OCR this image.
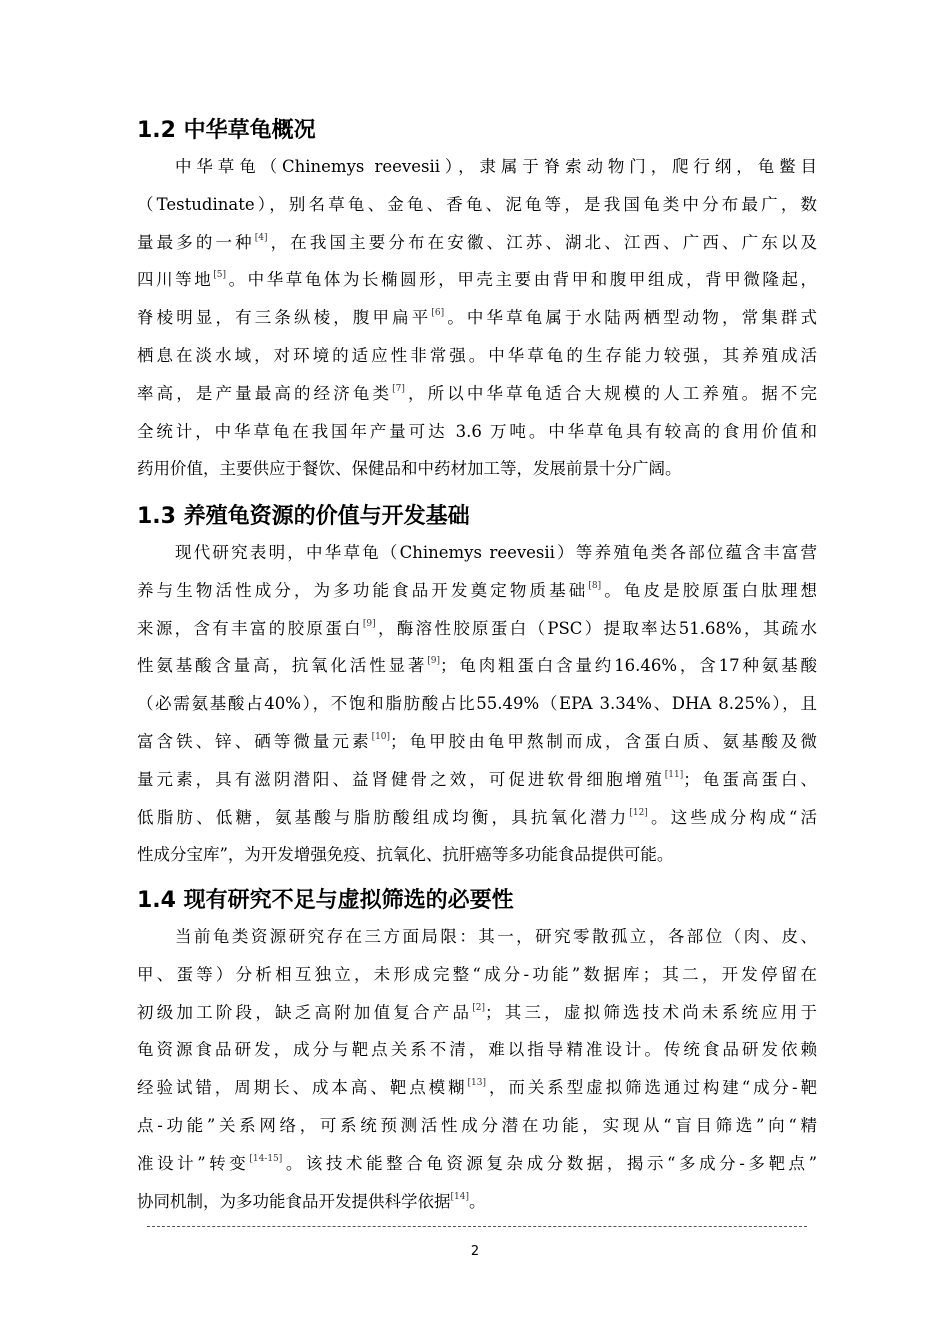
1.2 中华草龟概况
中华草龟（Chinemys reevesii），隶属于脊索动物门，爬行纲，龟鳖目
（Testudinate），别名草龟、金龟、香龟、泥龟等，是我国龟类中分布最广，数
量最多的一种[4]，在我国主要分布在安徽、江苏、湖北、江西、广西、广东以及
四川等地[5]。中华草龟体为长椭圆形，甲壳主要由背甲和腹甲组成，背甲微隆起，
脊棱明显，有三条纵棱，腹甲扁平[6]。中华草龟属于水陆两栖型动物，常集群式
栖息在淡水域，对环境的适应性非常强。中华草龟的生存能力较强，其养殖成活
率高，是产量最高的经济龟类[7]，所以中华草龟适合大规模的人工养殖。据不完
全统计，中华草龟在我国年产量可达 3.6 万吨。中华草龟具有较高的食用价值和
药用价值，主要供应于餐饮、保健品和中药材加工等，发展前景十分广阔。
1.3 养殖龟资源的价值与开发基础
现代研究表明，中华草龟（Chinemys reevesii）等养殖龟类各部位蕴含丰富营
养与生物活性成分，为多功能食品开发奠定物质基础[8]。龟皮是胶原蛋白肽理想
来源，含有丰富的胶原蛋白[9]，酶溶性胶原蛋白（PSC）提取率达51.68%，其疏水
性氨基酸含量高，抗氧化活性显著[9]；龟肉粗蛋白含量约16.46%，含17种氨基酸
（必需氨基酸占40%），不饱和脂肪酸占比55.49%（EPA 3.34%、DHA 8.25%），且
富含铁、锌、硒等微量元素[10]；龟甲胶由龟甲熬制而成，含蛋白质、氨基酸及微
量元素，具有滋阴潜阳、益肾健骨之效，可促进软骨细胞增殖[11]；龟蛋高蛋白、
低脂肪、低糖，氨基酸与脂肪酸组成均衡，具抗氧化潜力[12]。这些成分构成“活
性成分宝库”，为开发增强免疫、抗氧化、抗肝癌等多功能食品提供可能。
1.4 现有研究不足与虚拟筛选的必要性
当前龟类资源研究存在三方面局限：其一，研究零散孤立，各部位（肉、皮、
甲、蛋等）分析相互独立，未形成完整“成分-功能”数据库；其二，开发停留在
初级加工阶段，缺乏高附加值复合产品[2]；其三，虚拟筛选技术尚未系统应用于
龟资源食品研发，成分与靶点关系不清，难以指导精准设计。传统食品研发依赖
经验试错，周期长、成本高、靶点模糊[13]，而关系型虚拟筛选通过构建“成分-靶
点-功能”关系网络，可系统预测活性成分潜在功能，实现从“盲目筛选”向“精
准设计”转变[14-15]。该技术能整合龟资源复杂成分数据，揭示“多成分-多靶点”
协同机制，为多功能食品开发提供科学依据[14]。
2
